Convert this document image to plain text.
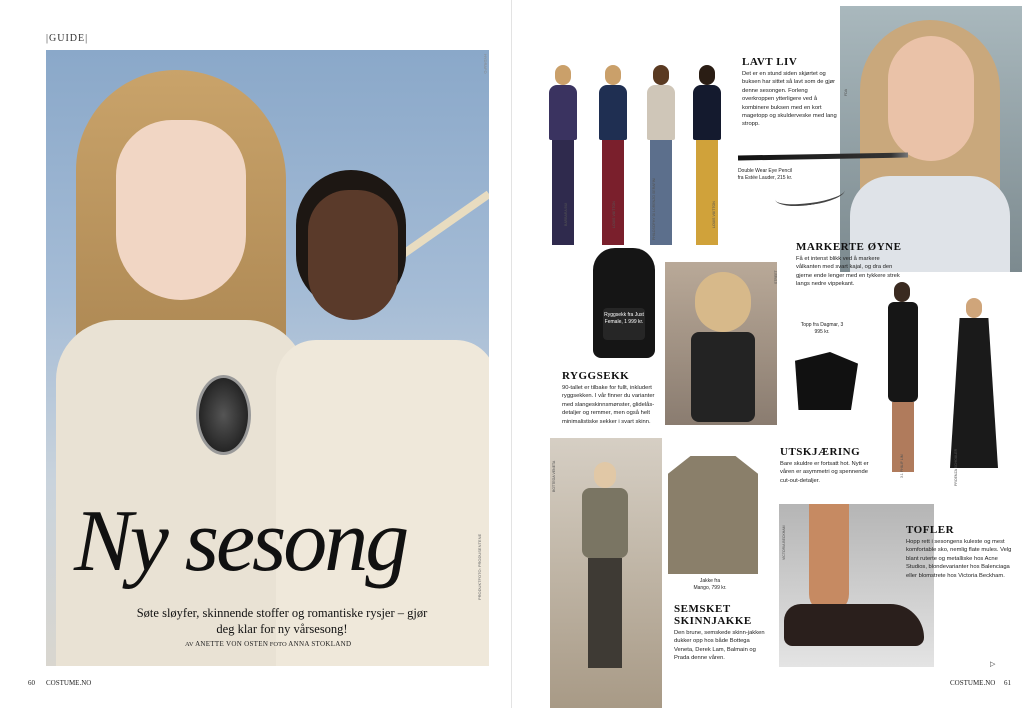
|GUIDE|
HYDRAFO
Ny sesong
Søte sløyfer, skinnende stoffer og romantiske rysjer – gjør deg klar for ny vårsesong!
AV ANETTE VON OSTEN FOTO ANNA STOKLAND
PRODUKTFOTO: PRODUSENTENE
60 COSTUME.NO
BARBARA BUI	LOUIS VUITTON	PHILOSOPHY DI LORENZO SERAFINI	LOUIS VUITTON
LAVT LIV
Det er en stund siden skjørtet og buksen har sittet så lavt som de gjør denne sesongen. Forleng overkroppen ytterligere ved å kombinere buksen med en kort magetopp og skulderveske med lang stropp.
FDA
Double Wear Eye Pencil fra Estée Lauder, 215 kr.
MARKERTE ØYNE
Få et intenst blikk ved å markere vålkanten med svart kajal, og dra den gjerne ende lenger med en tykkere strek langs nedre vippekant.
Ryggsekk fra Just Female, 1 999 kr.
RYGGSEKK
90-tallet er tilbake for fullt, inkludert ryggsekken. I vår finner du varianter med slangeskinnsmønster, glidelås-detaljer og remmer, men også helt minimalistiske sekker i svart skinn.
STREET
Topp fra Dagmar, 3 995 kr.
3.1 PHILIP LIM	PROENZA SCHOULER
UTSKJÆRING
Bare skuldre er fortsatt hot. Nytt er våren er asymmetri og spennende cut-out-detaljer.
BOTTEGA VENETA
Jakke fra Mango, 799 kr.
SEMSKET
SKINNJAKKE
Den brune, semskede skinn-jakken dukker opp hos både Bottega Veneta, Derek Lam, Balmain og Prada denne våren.
VICTORIA BECKHAM	TOFLER
Hopp rett i sesongens kuleste og mest komfortable sko, nemlig flate mules. Velg blant ruterte og metalliske hos Acne Studios, blondevarianter hos Balenciaga eller blomstrete hos Victoria Beckham.
▷
COSTUME.NO 61
